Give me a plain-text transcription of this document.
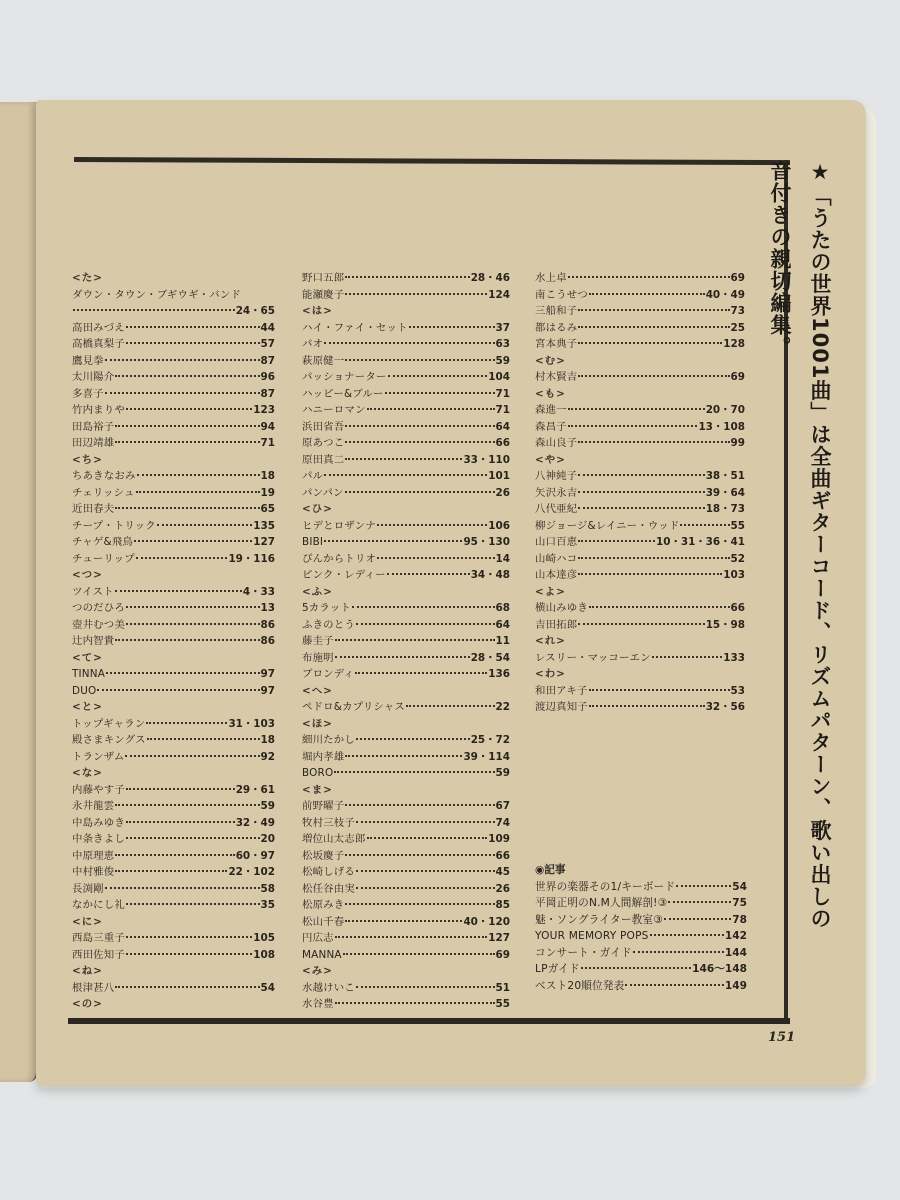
<た>
ダウン・タウン・ブギウギ・バンド
24・65
高田みづえ	44
高橋真梨子	57
鷹見拳	87
太川陽介	96
多喜子	87
竹内まりや	123
田島裕子	94
田辺靖雄	71
<ち>
ちあきなおみ	18
チェリッシュ	19
近田春夫	65
チープ・トリック	135
チャゲ&飛鳥	127
チューリップ	19・116
<つ>
ツイスト	4・33
つのだひろ	13
壺井むつ美	86
辻内智貴	86
<て>
TINNA	97
DUO	97
<と>
トップギャラン	31・103
殿さまキングス	18
トランザム	92
<な>
内藤やす子	29・61
永井龍雲	59
中島みゆき	32・49
中条きよし	20
中原理恵	60・97
中村雅俊	22・102
長渕剛	58
なかにし礼	35
<に>
西島三重子	105
西田佐知子	108
<ね>
根津甚八	54
<の>
野口五郎	28・46
能瀬慶子	124
<は>
ハイ・ファイ・セット	37
パオ	63
萩原健一	59
パッショナーター	104
ハッピー&ブルー	71
ハニーロマン	71
浜田省吾	64
原あつこ	66
原田真二	33・110
パル	101
パンパン	26
<ひ>
ヒデとロザンナ	106
BIBI	95・130
ぴんからトリオ	14
ピンク・レディー	34・48
<ふ>
5カラット	68
ふきのとう	64
藤圭子	11
布施明	28・54
ブロンディ	136
<へ>
ペドロ&カプリシャス	22
<ほ>
細川たかし	25・72
堀内孝雄	39・114
BORO	59
<ま>
前野曜子	67
牧村三枝子	74
増位山太志郎	109
松坂慶子	66
松崎しげる	45
松任谷由実	26
松原みき	85
松山千春	40・120
円広志	127
MANNA	69
<み>
水越けいこ	51
水谷豊	55
水上卓	69
南こうせつ	40・49
三船和子	73
都はるみ	25
宮本典子	128
<む>
村木賢吉	69
<も>
森進一	20・70
森昌子	13・108
森山良子	99
<や>
八神純子	38・51
矢沢永吉	39・64
八代亜紀	18・73
柳ジョージ&レイニー・ウッド	55
山口百恵	10・31・36・41
山崎ハコ	52
山本達彦	103
<よ>
横山みゆき	66
吉田拓郎	15・98
<れ>
レスリー・マッコーエン	133
<わ>
和田アキ子	53
渡辺真知子	32・56
◉記事
世界の楽器その1/キーボード	54
平岡正明のN.M人間解剖!③	75
魅・ソングライター教室③	78
YOUR MEMORY POPS	142
コンサート・ガイド	144
LPガイド	146〜148
ベスト20順位発表	149
★「うたの世界1001曲」は全曲ギターコード、リズムパターン、歌い出しの音付きの親切編集。
151
